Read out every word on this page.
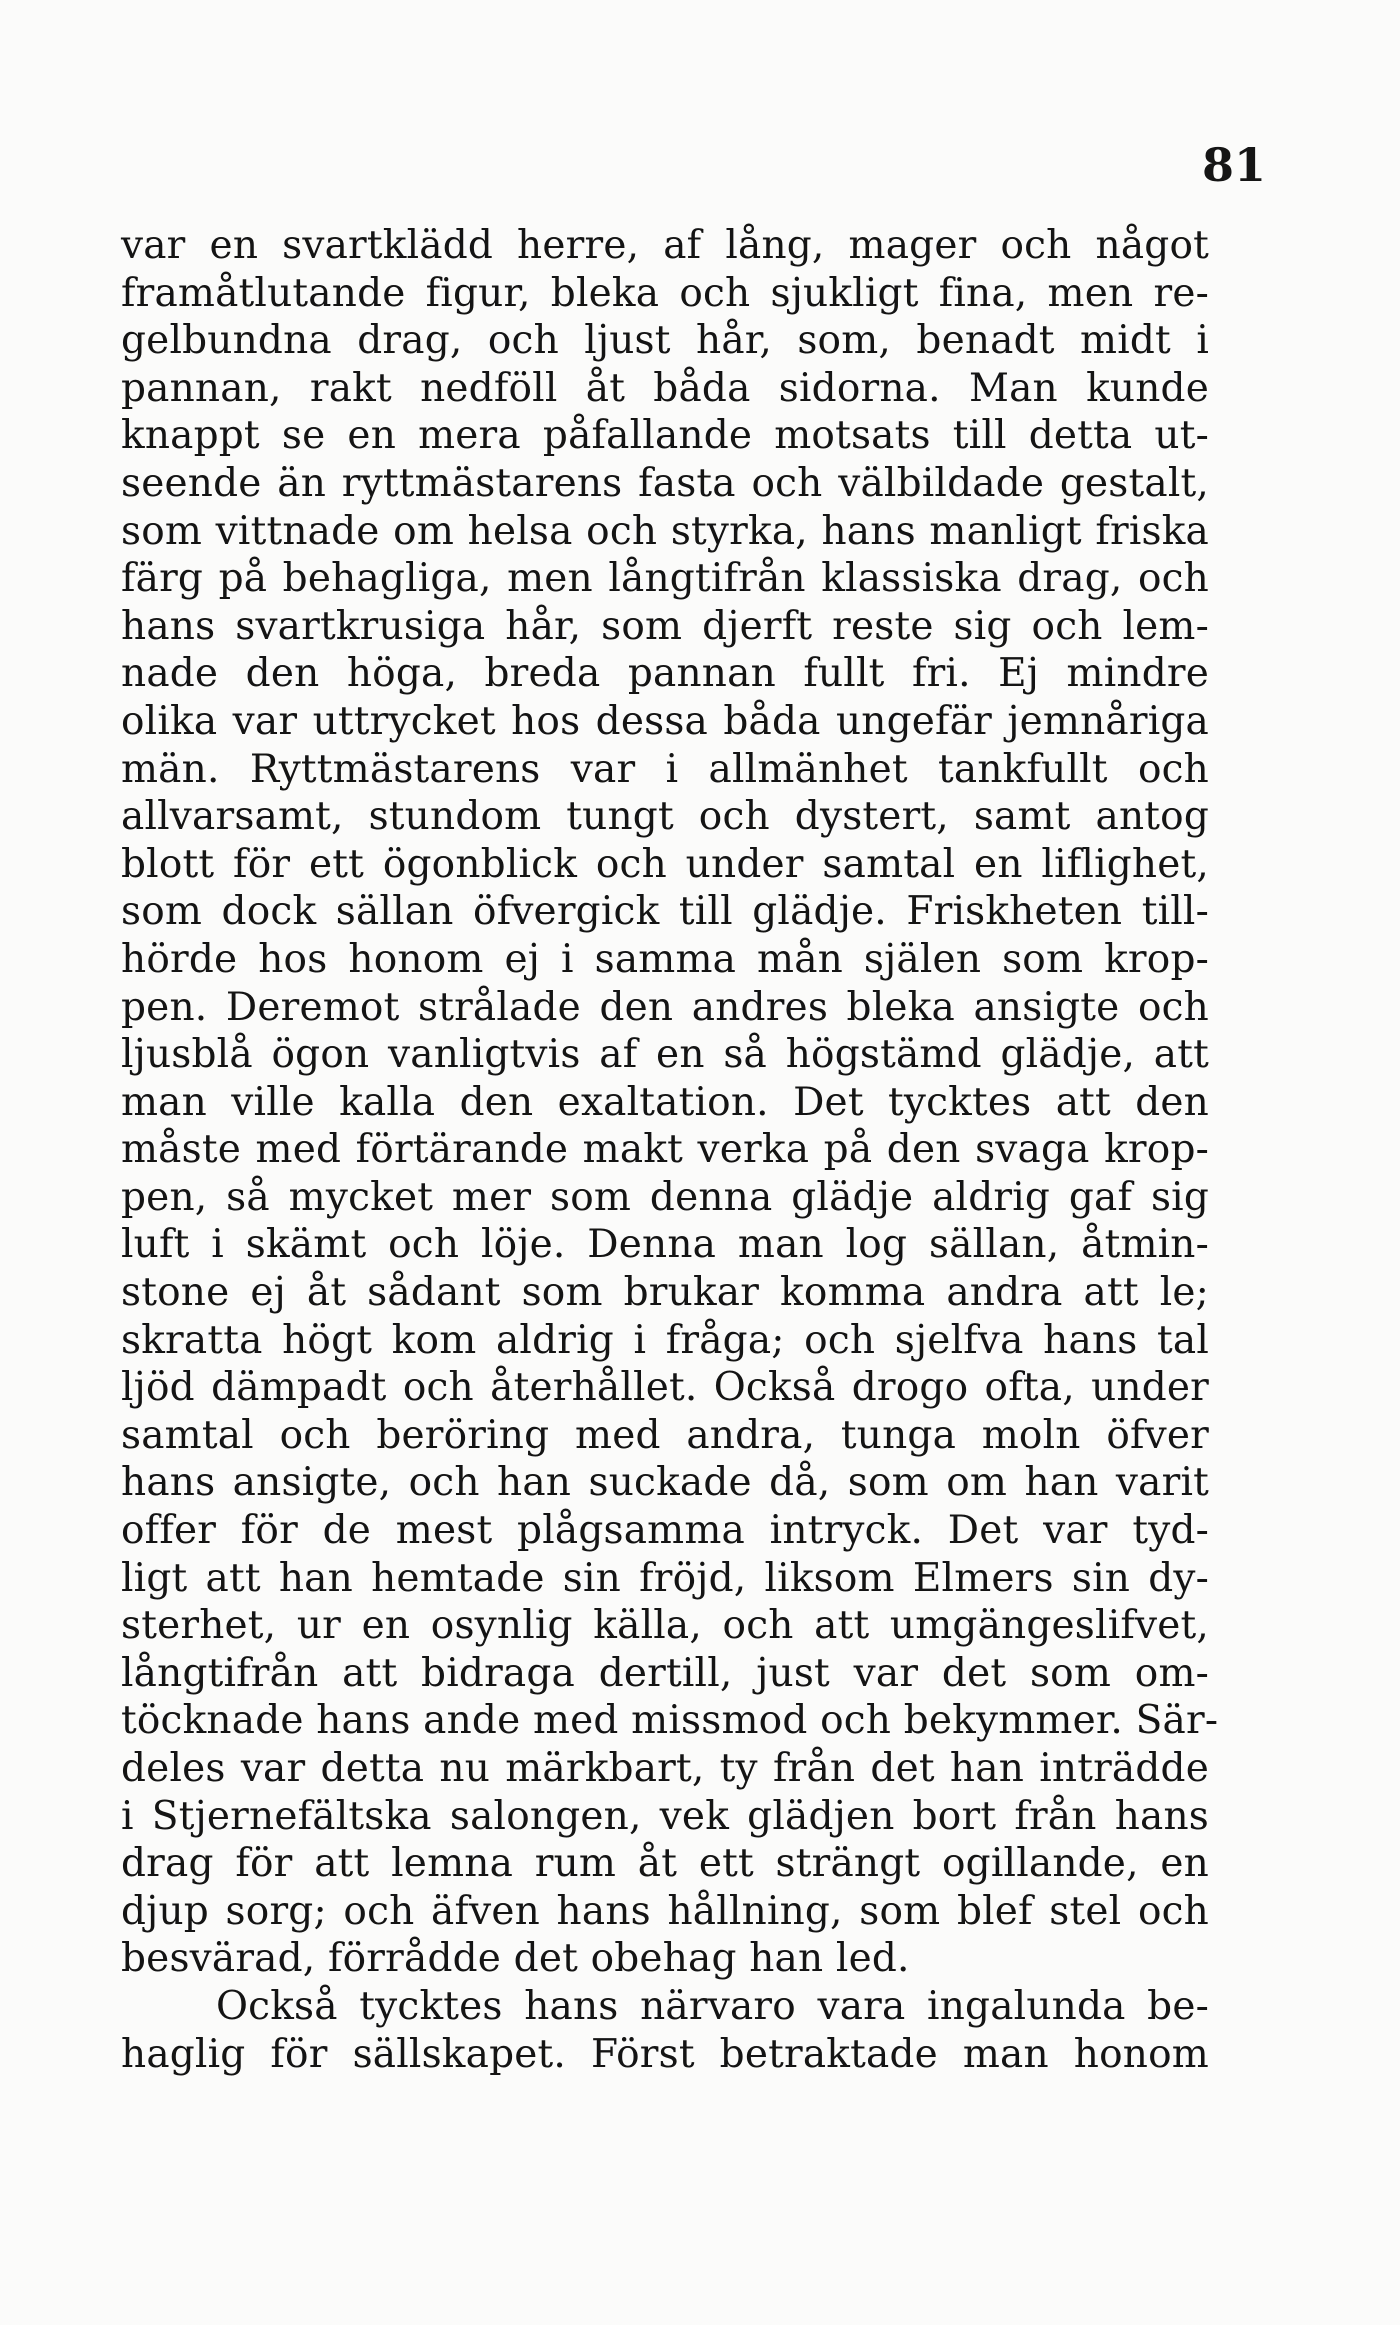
81
var en svartklädd herre, af lång, mager och något
framåtlutande figur, bleka och sjukligt fina, men re-
gelbundna drag, och ljust hår, som, benadt midt i
pannan, rakt nedföll åt båda sidorna. Man kunde
knappt se en mera påfallande motsats till detta ut-
seende än ryttmästarens fasta och välbildade gestalt,
som vittnade om helsa och styrka, hans manligt friska
färg på behagliga, men långtifrån klassiska drag, och
hans svartkrusiga hår, som djerft reste sig och lem-
nade den höga, breda pannan fullt fri. Ej mindre
olika var uttrycket hos dessa båda ungefär jemnåriga
män. Ryttmästarens var i allmänhet tankfullt och
allvarsamt, stundom tungt och dystert, samt antog
blott för ett ögonblick och under samtal en liflighet,
som dock sällan öfvergick till glädje. Friskheten till-
hörde hos honom ej i samma mån själen som krop-
pen. Deremot strålade den andres bleka ansigte och
ljusblå ögon vanligtvis af en så högstämd glädje, att
man ville kalla den exaltation. Det tycktes att den
måste med förtärande makt verka på den svaga krop-
pen, så mycket mer som denna glädje aldrig gaf sig
luft i skämt och löje. Denna man log sällan, åtmin-
stone ej åt sådant som brukar komma andra att le;
skratta högt kom aldrig i fråga; och sjelfva hans tal
ljöd dämpadt och återhållet. Också drogo ofta, under
samtal och beröring med andra, tunga moln öfver
hans ansigte, och han suckade då, som om han varit
offer för de mest plågsamma intryck. Det var tyd-
ligt att han hemtade sin fröjd, liksom Elmers sin dy-
sterhet, ur en osynlig källa, och att umgängeslifvet,
långtifrån att bidraga dertill, just var det som om-
töcknade hans ande med missmod och bekymmer. Sär-
deles var detta nu märkbart, ty från det han inträdde
i Stjernefältska salongen, vek glädjen bort från hans
drag för att lemna rum åt ett strängt ogillande, en
djup sorg; och äfven hans hållning, som blef stel och
besvärad, förrådde det obehag han led.
Också tycktes hans närvaro vara ingalunda be-
haglig för sällskapet. Först betraktade man honom
